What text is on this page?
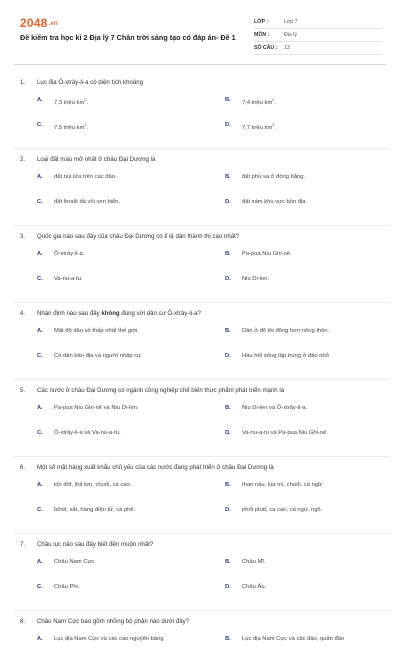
2048.vn
Đề kiểm tra học kì 2 Địa lý 7 Chân trời sáng tạo có đáp án- Đề 1
LỚP :	Lớp 7
MÔN :	Địa lý
SỐ CÂU :	13
1.	Lục địa Ô-xtrây-li-a có diện tích khoảng
A.	7,3 triệu $km^2$.	B.	7,4 triệu $km^2$.
C.	7,5 triệu $km^2$.	D.	7,7 triệu $km^2$.
2.	Loại đất màu mỡ nhất ở châu Đại Dương là
A.	đất núi lửa trên các đảo.	B.	đất phù sa ở đồng bằng.
C.	đất feralit đá vôi ven biển.	D.	đất xám khu vực bồn địa.
3.	Quốc gia nào sau đây của châu Đại Dương có tỉ lệ dân thành thị cao nhất?
A.	Ô-xtrây-li-a.	B.	Pa-pua Niu Ghi-nê.
C.	Va-nu-a-tu.	D.	Niu Di-len.
4.	Nhận định nào sau đây không đúng với dân cư Ô-xtrây-li-a?
A.	Mật độ dân số thấp nhất thế giới.	B.	Dân ở đô thị đông hơn nông thôn.
C.	Có dân bản địa và người nhập cư.	D.	Hầu hết sống tập trung ở đảo nhỏ
5.	Các nước ở châu Đại Dương có ngành công nghiệp chế biến thực phẩm phát triển mạnh là
A.	Pa-pua Niu Ghi-nê và Niu Di-len.	B.	Niu Di-len và Ô-xtrây-li-a.
C.	Ô-xtrây-li-a và Va-nu-a-tu.	D.	Va-nu-a-tu và Pa-pua Niu Ghi-nê.
6.	Một số mặt hàng xuất khẩu chủ yếu của các nước đang phát triển ở châu Đại Dương là
A.	khí đốt, thịt lợn, chuối, ca cao.	B.	than nâu, lúa mì, chuối, cá ngừ.
C.	bôxit, sắt, hàng điện tử, cà phê.	D.	phốt phát, ca cao, cá ngừ, ngô.
7.	Châu lục nào sau đây biết đến muộn nhất?
A.	Châu Nam Cực.	B.	Châu Mĩ.
C.	Châu Phi.	D.	Châu Âu.
8.	Châu Nam Cực bao gồm những bộ phận nào dưới đây?
A.	Lục địa Nam Cực và các cao nguyên băng	B.	Lục địa Nam Cực và các đảo, quần đảo
